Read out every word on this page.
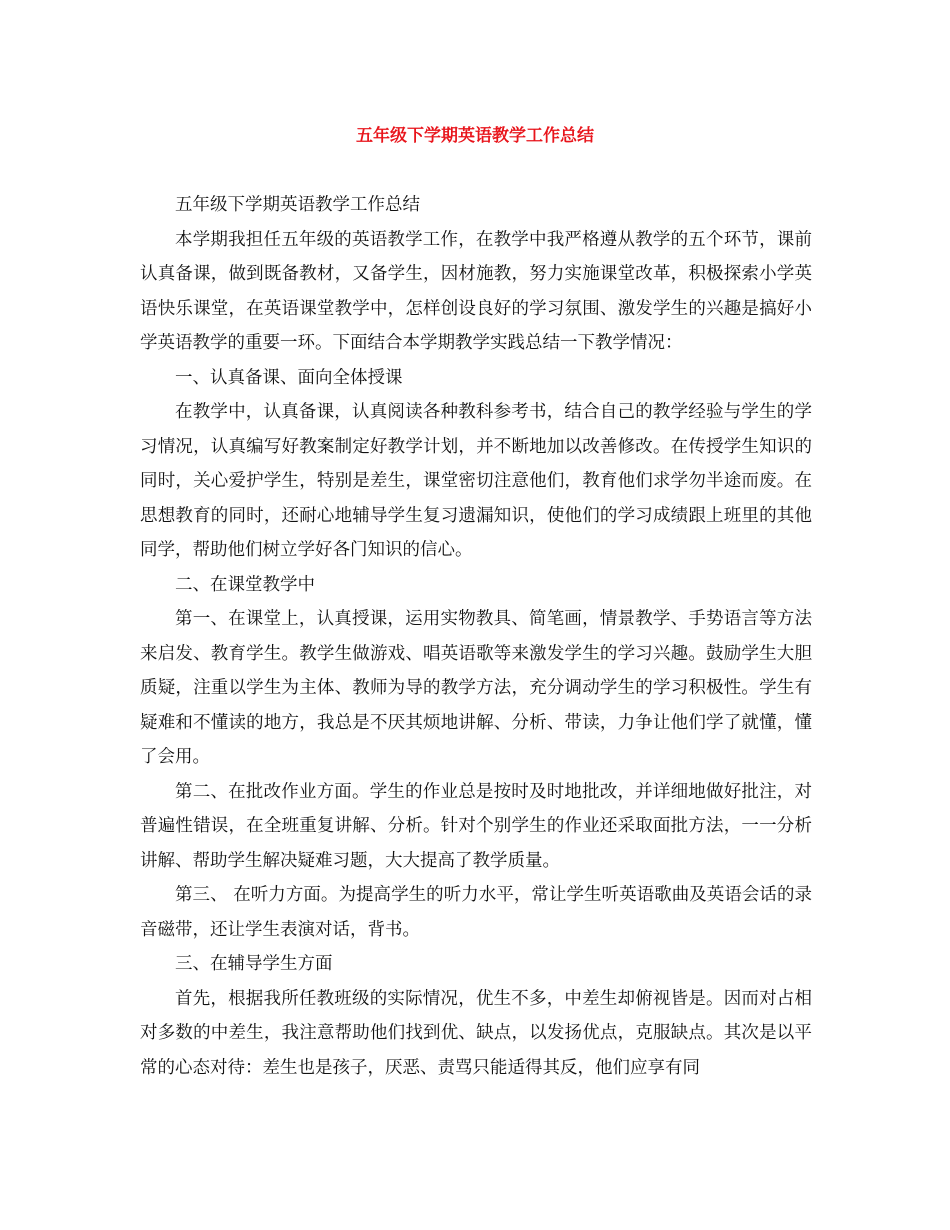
五年级下学期英语教学工作总结

五年级下学期英语教学工作总结

本学期我担任五年级的英语教学工作，在教学中我严格遵从教学的五个环节，课前认真备课，做到既备教材，又备学生，因材施教，努力实施课堂改革，积极探索小学英语快乐课堂，在英语课堂教学中，怎样创设良好的学习氛围、激发学生的兴趣是搞好小学英语教学的重要一环。下面结合本学期教学实践总结一下教学情况：

一、认真备课、面向全体授课

在教学中，认真备课，认真阅读各种教科参考书，结合自己的教学经验与学生的学习情况，认真编写好教案制定好教学计划，并不断地加以改善修改。在传授学生知识的同时，关心爱护学生，特别是差生，课堂密切注意他们，教育他们求学勿半途而废。在思想教育的同时，还耐心地辅导学生复习遗漏知识，使他们的学习成绩跟上班里的其他同学，帮助他们树立学好各门知识的信心。

二、在课堂教学中

第一、在课堂上，认真授课，运用实物教具、简笔画，情景教学、手势语言等方法来启发、教育学生。教学生做游戏、唱英语歌等来激发学生的学习兴趣。鼓励学生大胆质疑，注重以学生为主体、教师为导的教学方法，充分调动学生的学习积极性。学生有疑难和不懂读的地方，我总是不厌其烦地讲解、分析、带读，力争让他们学了就懂，懂了会用。

第二、在批改作业方面。学生的作业总是按时及时地批改，并详细地做好批注，对普遍性错误，在全班重复讲解、分析。针对个别学生的作业还采取面批方法，一一分析讲解、帮助学生解决疑难习题，大大提高了教学质量。

第三、 在听力方面。为提高学生的听力水平，常让学生听英语歌曲及英语会话的录音磁带，还让学生表演对话，背书。

三、在辅导学生方面

首先，根据我所任教班级的实际情况，优生不多，中差生却俯视皆是。因而对占相对多数的中差生，我注意帮助他们找到优、缺点，以发扬优点，克服缺点。其次是以平常的心态对待：差生也是孩子，厌恶、责骂只能适得其反，他们应享有同
